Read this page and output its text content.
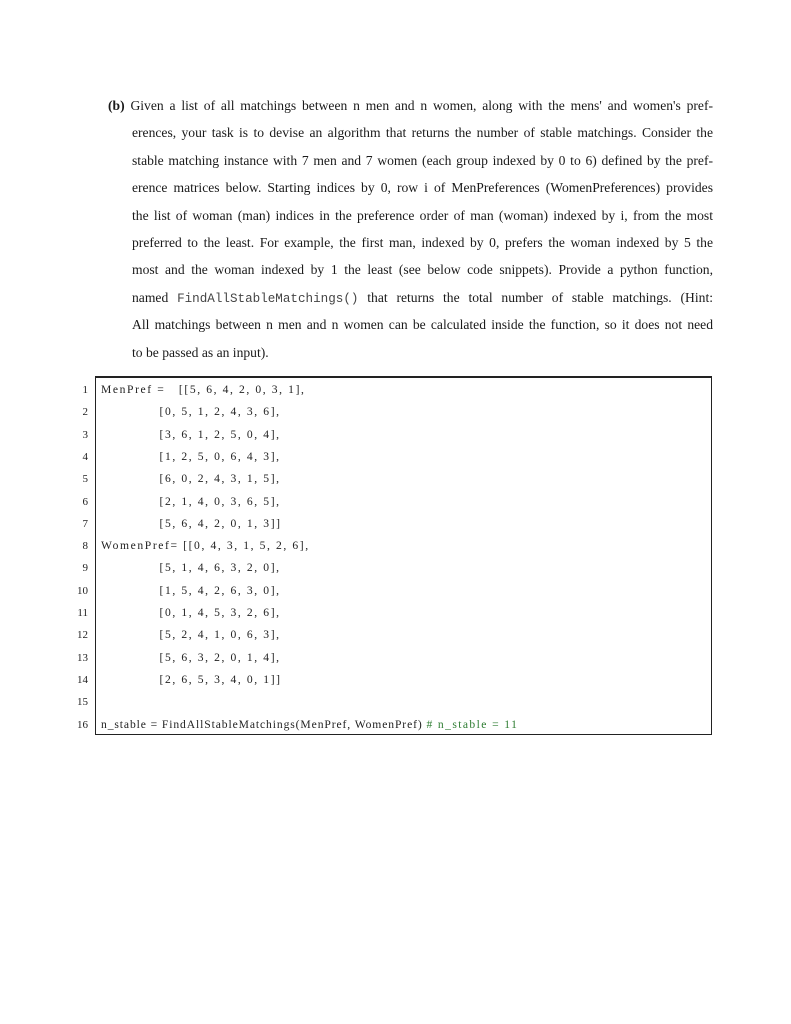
(b) Given a list of all matchings between n men and n women, along with the mens' and women's pref-
erences, your task is to devise an algorithm that returns the number of stable matchings. Consider the
stable matching instance with 7 men and 7 women (each group indexed by 0 to 6) defined by the pref-
erence matrices below. Starting indices by 0, row i of MenPreferences (WomenPreferences) provides
the list of woman (man) indices in the preference order of man (woman) indexed by i, from the most
preferred to the least. For example, the first man, indexed by 0, prefers the woman indexed by 5 the
most and the woman indexed by 1 the least (see below code snippets). Provide a python function,
named FindAllStableMatchings() that returns the total number of stable matchings. (Hint:
All matchings between n men and n women can be calculated inside the function, so it does not need
to be passed as an input).
1 MenPref =   [[5, 6, 4, 2, 0, 3, 1],
2 [0, 5, 1, 2, 4, 3, 6],
3 [3, 6, 1, 2, 5, 0, 4],
4 [1, 2, 5, 0, 6, 4, 3],
5 [6, 0, 2, 4, 3, 1, 5],
6 [2, 1, 4, 0, 3, 6, 5],
7 [5, 6, 4, 2, 0, 1, 3]]
8 WomenPref= [[0, 4, 3, 1, 5, 2, 6],
9 [5, 1, 4, 6, 3, 2, 0],
10 [1, 5, 4, 2, 6, 3, 0],
11 [0, 1, 4, 5, 3, 2, 6],
12 [5, 2, 4, 1, 0, 6, 3],
13 [5, 6, 3, 2, 0, 1, 4],
14 [2, 6, 5, 3, 4, 0, 1]]
15
16 n_stable = FindAllStableMatchings(MenPref, WomenPref) # n_stable = 11
